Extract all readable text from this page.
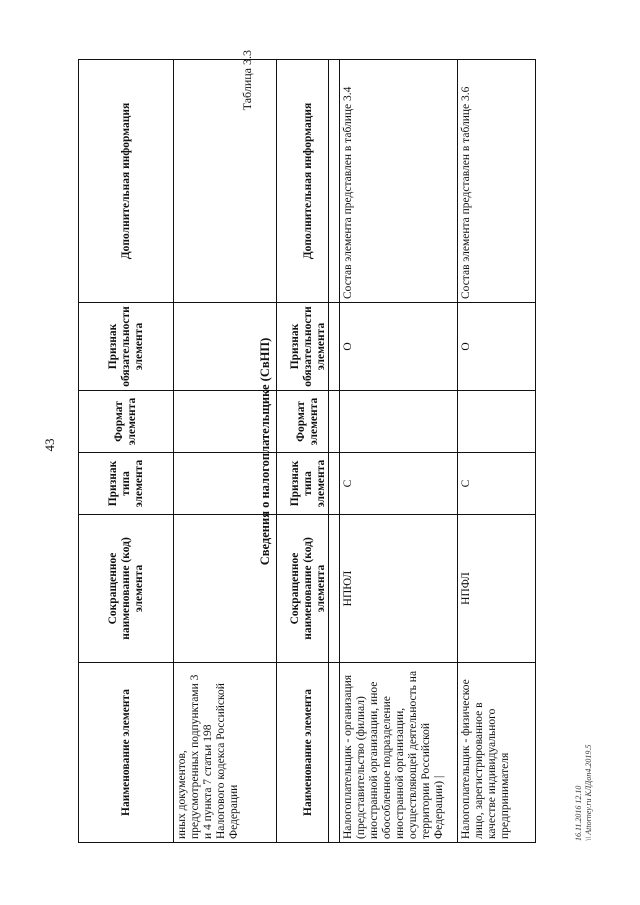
43
Наименование элемента	Сокращенное наименование (код) элемента	Признак типа элемента	Формат элемента	Признак обязательности элемента	Дополнительная информация
иных документов, предусмотренных подпунктами 3 и 4 пункта 7 статьи 198 Налогового кодекса Российской Федерации					
Таблица 3.3
Сведения о налогоплательщике (СвНП)
Наименование элемента	Сокращенное наименование (код) элемента	Признак типа элемента	Формат элемента	Признак обязательности элемента	Дополнительная информация
Налогоплательщик - организация (представительство (филиал) иностранной организации, иное обособленное подразделение иностранной организации, осуществляющей деятельность на территории Российской Федерации) |	НПЮЛ	С		О	Состав элемента представлен в таблице 3.4
Налогоплательщик - физическое лицо, зарегистрированное в качестве индивидуального предпринимателя	НПФЛ	С		О	Состав элемента представлен в таблице 3.6
16.11.2016 12.10 \\ Attorney.ru КЛДоп4.2019.5
